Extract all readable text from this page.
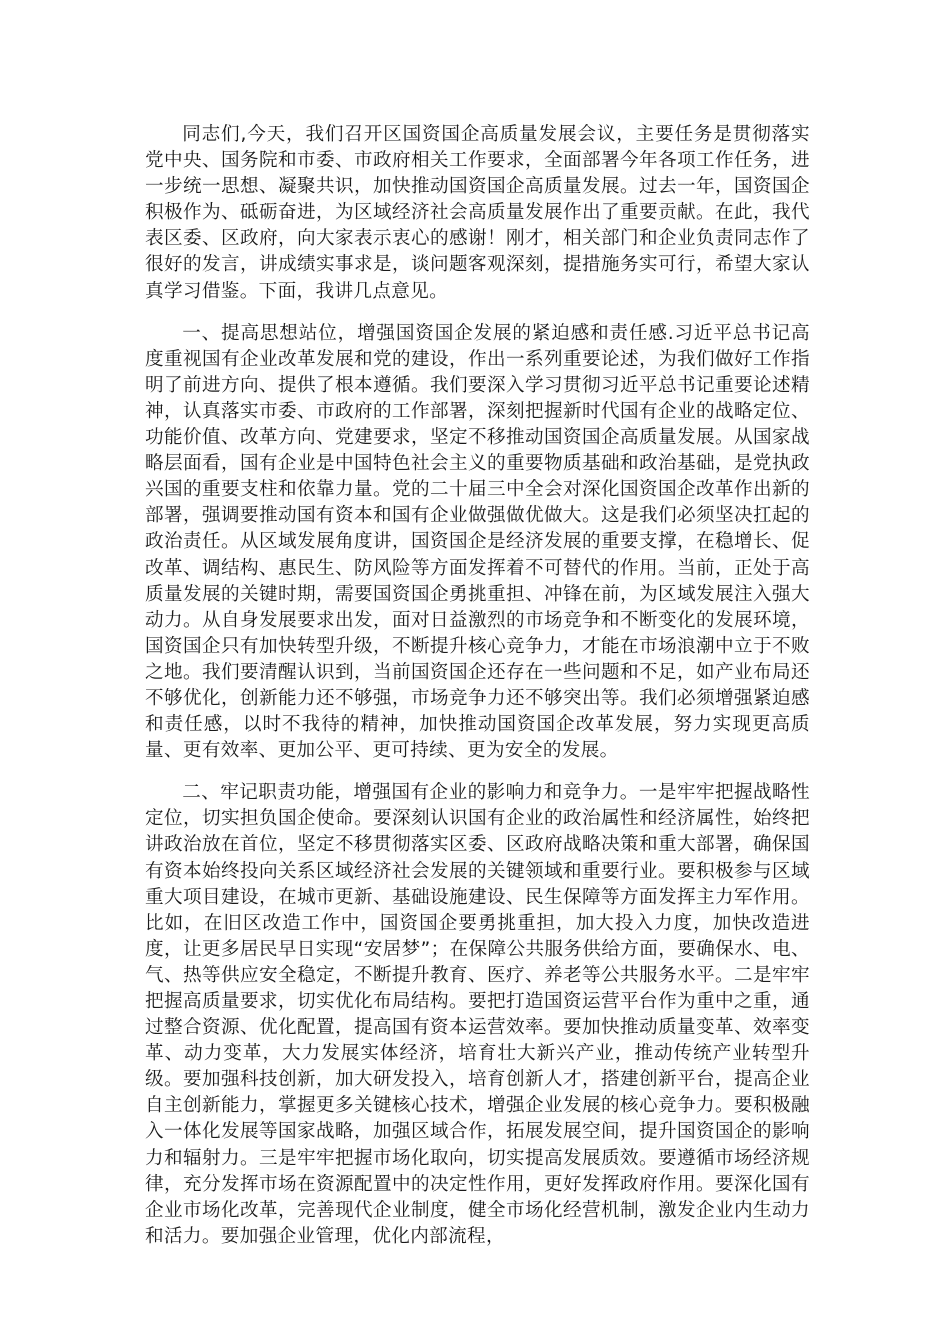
同志们,今天，我们召开区国资国企高质量发展会议，主要任务是贯彻落实党中央、国务院和市委、市政府相关工作要求，全面部署今年各项工作任务，进一步统一思想、凝聚共识，加快推动国资国企高质量发展。过去一年，国资国企积极作为、砥砺奋进，为区域经济社会高质量发展作出了重要贡献。在此，我代表区委、区政府，向大家表示衷心的感谢！刚才，相关部门和企业负责同志作了很好的发言，讲成绩实事求是，谈问题客观深刻，提措施务实可行，希望大家认真学习借鉴。下面，我讲几点意见。

一、提高思想站位，增强国资国企发展的紧迫感和责任感.习近平总书记高度重视国有企业改革发展和党的建设，作出一系列重要论述，为我们做好工作指明了前进方向、提供了根本遵循。我们要深入学习贯彻习近平总书记重要论述精神，认真落实市委、市政府的工作部署，深刻把握新时代国有企业的战略定位、功能价值、改革方向、党建要求，坚定不移推动国资国企高质量发展。从国家战略层面看，国有企业是中国特色社会主义的重要物质基础和政治基础，是党执政兴国的重要支柱和依靠力量。党的二十届三中全会对深化国资国企改革作出新的部署，强调要推动国有资本和国有企业做强做优做大。这是我们必须坚决扛起的政治责任。从区域发展角度讲，国资国企是经济发展的重要支撑，在稳增长、促改革、调结构、惠民生、防风险等方面发挥着不可替代的作用。当前，正处于高质量发展的关键时期，需要国资国企勇挑重担、冲锋在前，为区域发展注入强大动力。从自身发展要求出发，面对日益激烈的市场竞争和不断变化的发展环境，国资国企只有加快转型升级，不断提升核心竞争力，才能在市场浪潮中立于不败之地。我们要清醒认识到，当前国资国企还存在一些问题和不足，如产业布局还不够优化，创新能力还不够强，市场竞争力还不够突出等。我们必须增强紧迫感和责任感，以时不我待的精神，加快推动国资国企改革发展，努力实现更高质量、更有效率、更加公平、更可持续、更为安全的发展。

二、牢记职责功能，增强国有企业的影响力和竞争力。一是牢牢把握战略性定位，切实担负国企使命。要深刻认识国有企业的政治属性和经济属性，始终把讲政治放在首位，坚定不移贯彻落实区委、区政府战略决策和重大部署，确保国有资本始终投向关系区域经济社会发展的关键领域和重要行业。要积极参与区域重大项目建设，在城市更新、基础设施建设、民生保障等方面发挥主力军作用。比如，在旧区改造工作中，国资国企要勇挑重担，加大投入力度，加快改造进度，让更多居民早日实现“安居梦”；在保障公共服务供给方面，要确保水、电、气、热等供应安全稳定，不断提升教育、医疗、养老等公共服务水平。二是牢牢把握高质量要求，切实优化布局结构。要把打造国资运营平台作为重中之重，通过整合资源、优化配置，提高国有资本运营效率。要加快推动质量变革、效率变革、动力变革，大力发展实体经济，培育壮大新兴产业，推动传统产业转型升级。要加强科技创新，加大研发投入，培育创新人才，搭建创新平台，提高企业自主创新能力，掌握更多关键核心技术，增强企业发展的核心竞争力。要积极融入一体化发展等国家战略，加强区域合作，拓展发展空间，提升国资国企的影响力和辐射力。三是牢牢把握市场化取向，切实提高发展质效。要遵循市场经济规律，充分发挥市场在资源配置中的决定性作用，更好发挥政府作用。要深化国有企业市场化改革，完善现代企业制度，健全市场化经营机制，激发企业内生动力和活力。要加强企业管理，优化内部流程，
